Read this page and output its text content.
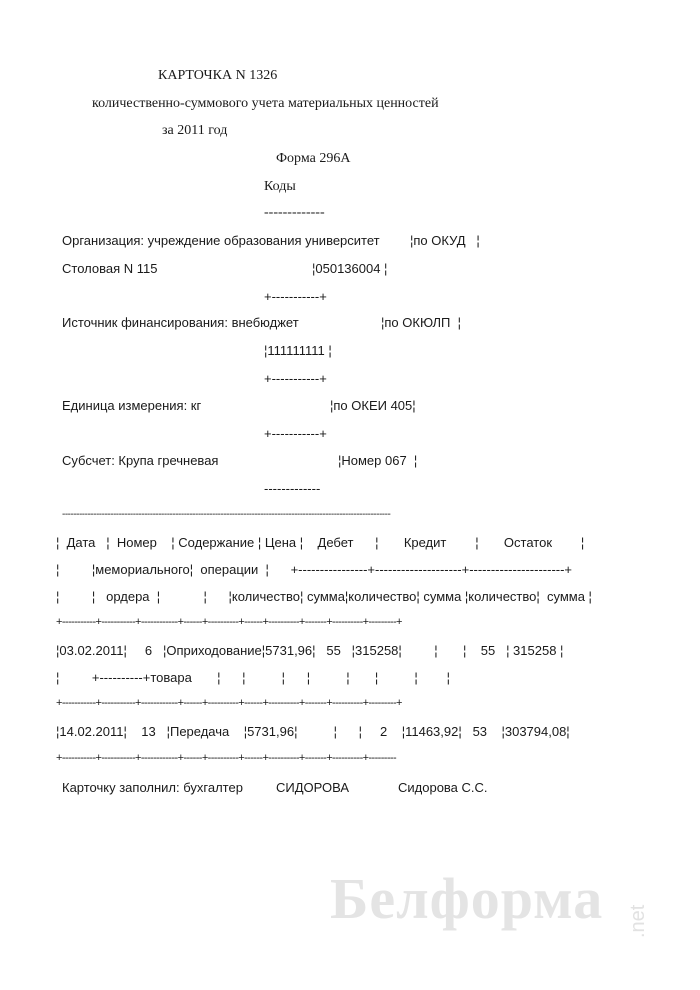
КАРТОЧКА N 1326
количественно-суммового учета материальных ценностей
за 2011 год
Форма 296А
Коды
-------------
Организация: учреждение образования университет ¦по ОКУД   ¦
Столовая N 115	¦050136004 ¦
+-----------+
Источник финансирования: внебюджет	¦по ОКЮЛП  ¦
¦111111111 ¦
+-----------+
Единица измерения: кг	¦по ОКЕИ 405¦
+-----------+
Субсчет: Крупа гречневая	¦Номер 067  ¦
-------------
--------------------------------------------------------------------------------------------------------------------
¦  Дата   ¦  Номер    ¦ Содержание ¦ Цена ¦    Дебет      ¦       Кредит        ¦       Остаток        ¦
¦         ¦мемориального¦  операции  ¦      +----------------+--------------------+----------------------+
¦         ¦   ордера  ¦            ¦      ¦количество¦ сумма¦количество¦ сумма ¦количество¦  сумма ¦
+-----------+-----------+------------+------+----------+------+----------+-------+----------+---------+
¦03.02.2011¦     6   ¦Оприходование¦5731,96¦   55   ¦315258¦         ¦       ¦    55   ¦ 315258 ¦
¦         +----------+товара       ¦      ¦          ¦      ¦          ¦       ¦          ¦        ¦
+-----------+-----------+------------+------+----------+------+----------+-------+----------+---------+
¦14.02.2011¦    13   ¦Передача    ¦5731,96¦          ¦      ¦     2    ¦11463,92¦   53    ¦303794,08¦
+-----------+-----------+------------+------+----------+------+----------+-------+----------+---------
Карточку заполнил: бухгалтер	СИДОРОВА	Сидорова С.С.
Белформа .net
